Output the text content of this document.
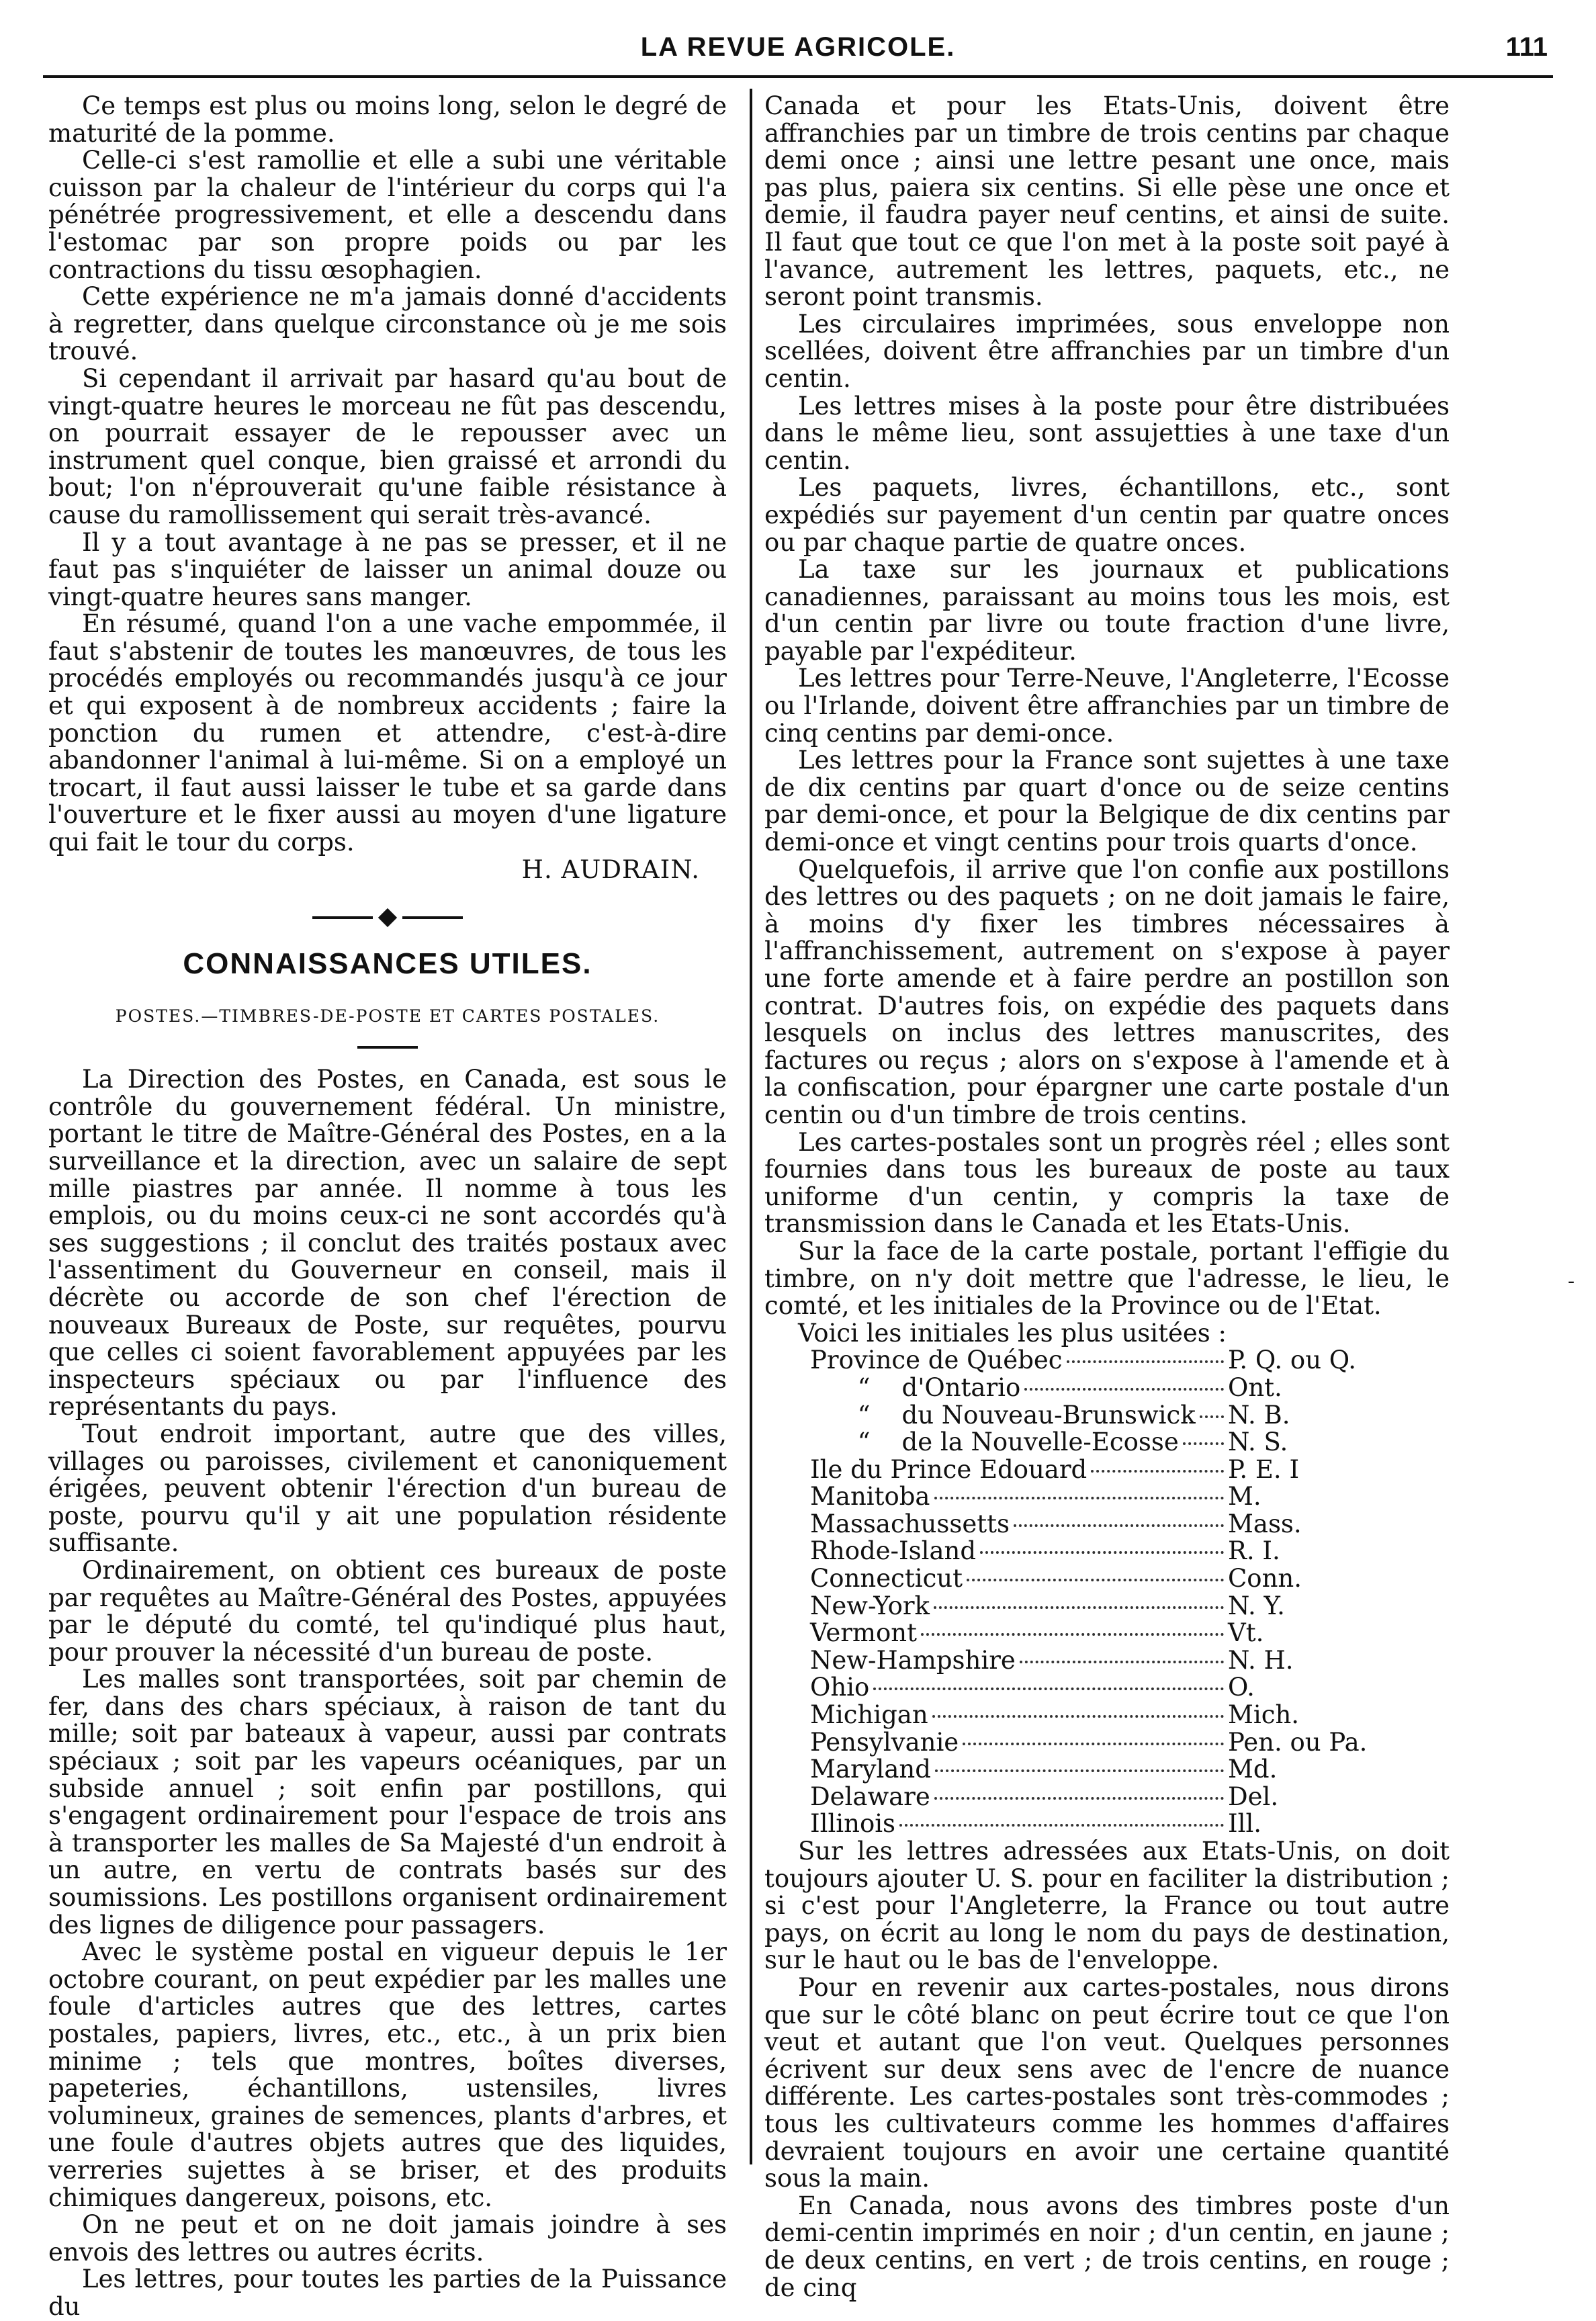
LA REVUE AGRICOLE.	111

Ce temps est plus ou moins long, selon le degré de maturité de la pomme.

Celle-ci s'est ramollie et elle a subi une véritable cuisson par la chaleur de l'intérieur du corps qui l'a pénétrée progressivement, et elle a descendu dans l'estomac par son propre poids ou par les contractions du tissu œsophagien.

Cette expérience ne m'a jamais donné d'accidents à regretter, dans quelque circonstance où je me sois trouvé.

Si cependant il arrivait par hasard qu'au bout de vingt-quatre heures le morceau ne fût pas descendu, on pourrait essayer de le repousser avec un instrument quel conque, bien graissé et arrondi du bout; l'on n'éprouverait qu'une faible résistance à cause du ramollissement qui serait très-avancé.

Il y a tout avantage à ne pas se presser, et il ne faut pas s'inquiéter de laisser un animal douze ou vingt-quatre heures sans manger.

En résumé, quand l'on a une vache empommée, il faut s'abstenir de toutes les manœuvres, de tous les procédés employés ou recommandés jusqu'à ce jour et qui exposent à de nombreux accidents ; faire la ponction du rumen et attendre, c'est-à-dire abandonner l'animal à lui-même. Si on a employé un trocart, il faut aussi laisser le tube et sa garde dans l'ouverture et le fixer aussi au moyen d'une ligature qui fait le tour du corps.

H. AUDRAIN.
CONNAISSANCES UTILES.
POSTES.—TIMBRES-DE-POSTE ET CARTES POSTALES.

La Direction des Postes, en Canada, est sous le contrôle du gouvernement fédéral. Un ministre, portant le titre de Maître-Général des Postes, en a la surveillance et la direction, avec un salaire de sept mille piastres par année. Il nomme à tous les emplois, ou du moins ceux-ci ne sont accordés qu'à ses suggestions ; il conclut des traités postaux avec l'assentiment du Gouverneur en conseil, mais il décrète ou accorde de son chef l'érection de nouveaux Bureaux de Poste, sur requêtes, pourvu que celles ci soient favorablement appuyées par les inspecteurs spéciaux ou par l'influence des représentants du pays.

Tout endroit important, autre que des villes, villages ou paroisses, civilement et canoniquement érigées, peuvent obtenir l'érection d'un bureau de poste, pourvu qu'il y ait une population résidente suffisante.

Ordinairement, on obtient ces bureaux de poste par requêtes au Maître-Général des Postes, appuyées par le député du comté, tel qu'indiqué plus haut, pour prouver la nécessité d'un bureau de poste.

Les malles sont transportées, soit par chemin de fer, dans des chars spéciaux, à raison de tant du mille; soit par bateaux à vapeur, aussi par contrats spéciaux ; soit par les vapeurs océaniques, par un subside annuel ; soit enfin par postillons, qui s'engagent ordinairement pour l'espace de trois ans à transporter les malles de Sa Majesté d'un endroit à un autre, en vertu de contrats basés sur des soumissions. Les postillons organisent ordinairement des lignes de diligence pour passagers.

Avec le système postal en vigueur depuis le 1er octobre courant, on peut expédier par les malles une foule d'articles autres que des lettres, cartes postales, papiers, livres, etc., etc., à un prix bien minime ; tels que montres, boîtes diverses, papeteries, échantillons, ustensiles, livres volumineux, graines de semences, plants d'arbres, et une foule d'autres objets autres que des liquides, verreries sujettes à se briser, et des produits chimiques dangereux, poisons, etc.

On ne peut et on ne doit jamais joindre à ses envois des lettres ou autres écrits.

Les lettres, pour toutes les parties de la Puissance du

Canada et pour les Etats-Unis, doivent être affranchies par un timbre de trois centins par chaque demi once ; ainsi une lettre pesant une once, mais pas plus, paiera six centins. Si elle pèse une once et demie, il faudra payer neuf centins, et ainsi de suite. Il faut que tout ce que l'on met à la poste soit payé à l'avance, autrement les lettres, paquets, etc., ne seront point transmis.

Les circulaires imprimées, sous enveloppe non scellées, doivent être affranchies par un timbre d'un centin.

Les lettres mises à la poste pour être distribuées dans le même lieu, sont assujetties à une taxe d'un centin.

Les paquets, livres, échantillons, etc., sont expédiés sur payement d'un centin par quatre onces ou par chaque partie de quatre onces.

La taxe sur les journaux et publications canadiennes, paraissant au moins tous les mois, est d'un centin par livre ou toute fraction d'une livre, payable par l'expéditeur.

Les lettres pour Terre-Neuve, l'Angleterre, l'Ecosse ou l'Irlande, doivent être affranchies par un timbre de cinq centins par demi-once.

Les lettres pour la France sont sujettes à une taxe de dix centins par quart d'once ou de seize centins par demi-once, et pour la Belgique de dix centins par demi-once et vingt centins pour trois quarts d'once.

Quelquefois, il arrive que l'on confie aux postillons des lettres ou des paquets ; on ne doit jamais le faire, à moins d'y fixer les timbres nécessaires à l'affranchissement, autrement on s'expose à payer une forte amende et à faire perdre an postillon son contrat. D'autres fois, on expédie des paquets dans lesquels on inclus des lettres manuscrites, des factures ou reçus ; alors on s'expose à l'amende et à la confiscation, pour épargner une carte postale d'un centin ou d'un timbre de trois centins.

Les cartes-postales sont un progrès réel ; elles sont fournies dans tous les bureaux de poste au taux uniforme d'un centin, y compris la taxe de transmission dans le Canada et les Etats-Unis.

Sur la face de la carte postale, portant l'effigie du timbre, on n'y doit mettre que l'adresse, le lieu, le comté, et les initiales de la Province ou de l'Etat.

Voici les initiales les plus usitées :

Province de Québec	P. Q. ou Q.
“    d'Ontario	Ont.
“    du Nouveau-Brunswick N. B.
“    de la Nouvelle-Ecosse N. S.
Ile du Prince Edouard	P. E. I
Manitoba	M.
Massachussetts	Mass.
Rhode-Island	R. I.
Connecticut	Conn.
New-York	N. Y.
Vermont	Vt.
New-Hampshire	N. H.
Ohio	O.
Michigan	Mich.
Pensylvanie	Pen. ou Pa.
Maryland	Md.
Delaware	Del.
Illinois	Ill.

Sur les lettres adressées aux Etats-Unis, on doit toujours ajouter U. S. pour en faciliter la distribution ; si c'est pour l'Angleterre, la France ou tout autre pays, on écrit au long le nom du pays de destination, sur le haut ou le bas de l'enveloppe.

Pour en revenir aux cartes-postales, nous dirons que sur le côté blanc on peut écrire tout ce que l'on veut et autant que l'on veut. Quelques personnes écrivent sur deux sens avec de l'encre de nuance différente. Les cartes-postales sont très-commodes ; tous les cultivateurs comme les hommes d'affaires devraient toujours en avoir une certaine quantité sous la main.

En Canada, nous avons des timbres poste d'un demi-centin imprimés en noir ; d'un centin, en jaune ; de deux centins, en vert ; de trois centins, en rouge ; de cinq

-
